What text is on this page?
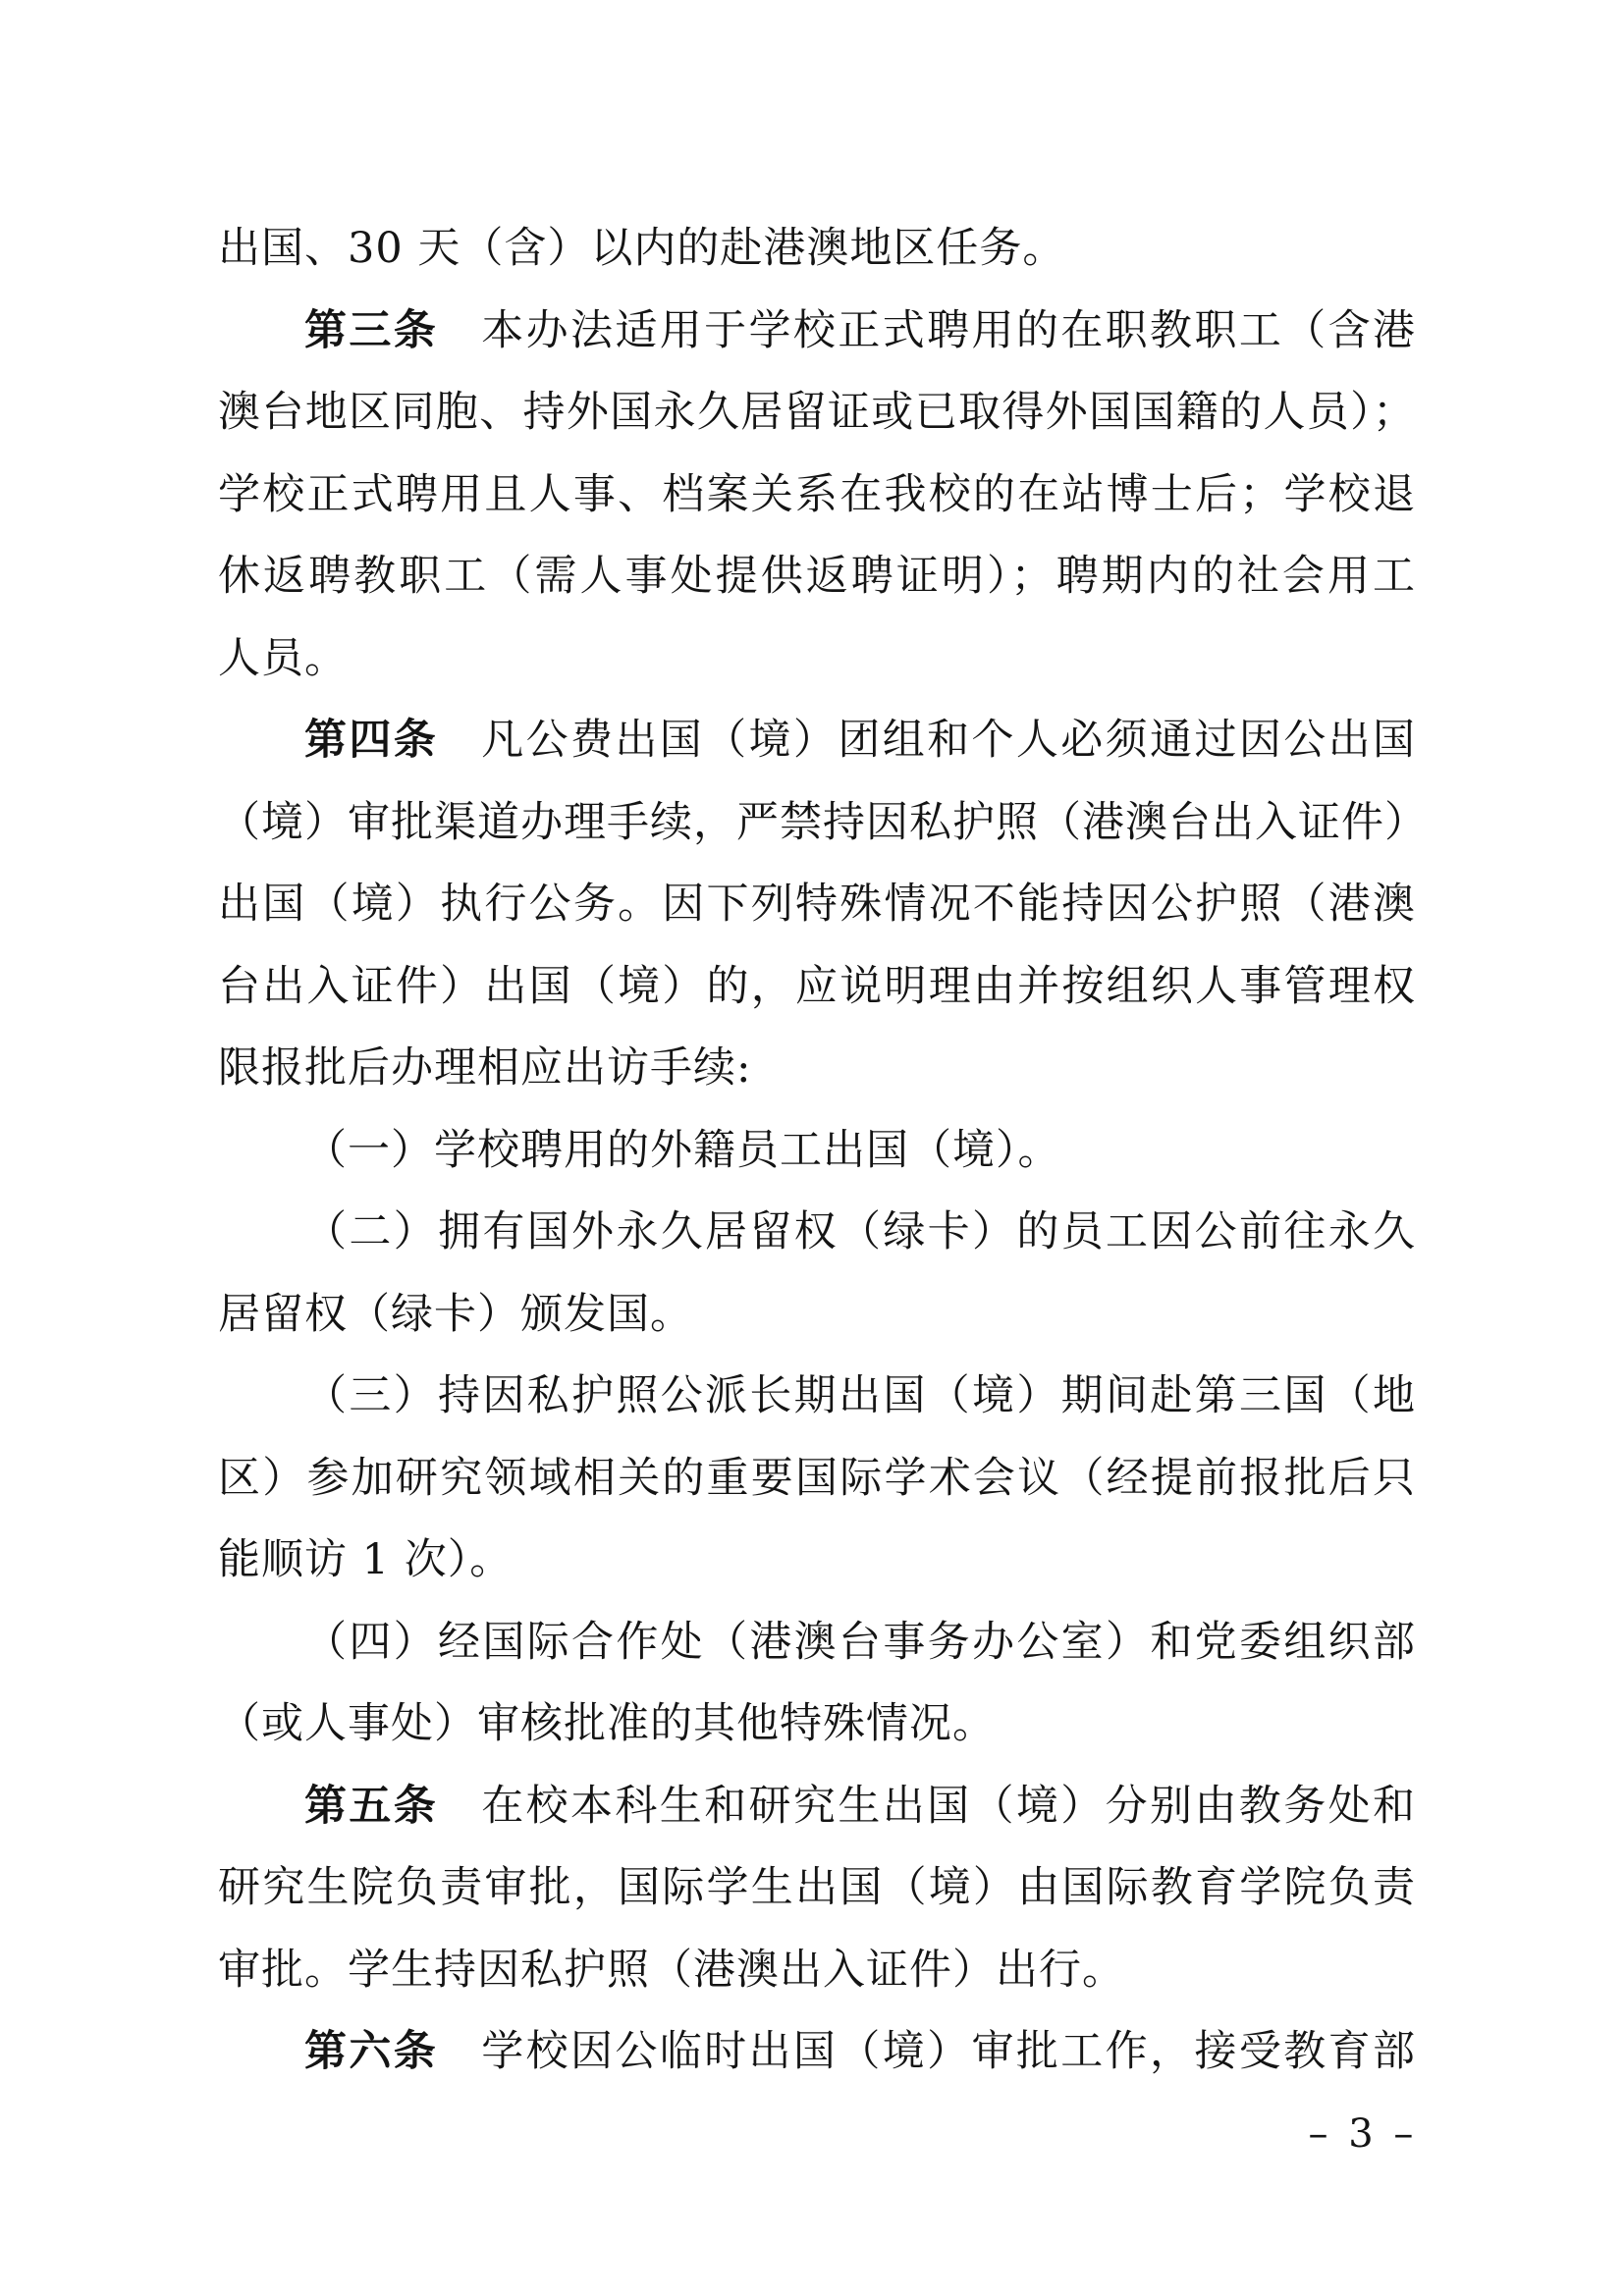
出国、30 天（含）以内的赴港澳地区任务。
第三条 本办法适用于学校正式聘用的在职教职工（含港
澳台地区同胞、持外国永久居留证或已取得外国国籍的人员）；
学校正式聘用且人事、档案关系在我校的在站博士后；学校退
休返聘教职工（需人事处提供返聘证明）；聘期内的社会用工
人员。
第四条 凡公费出国（境）团组和个人必须通过因公出国
（境）审批渠道办理手续，严禁持因私护照（港澳台出入证件）
出国（境）执行公务。因下列特殊情况不能持因公护照（港澳
台出入证件）出国（境）的，应说明理由并按组织人事管理权
限报批后办理相应出访手续:
（一）学校聘用的外籍员工出国（境）。
（二）拥有国外永久居留权（绿卡）的员工因公前往永久
居留权（绿卡）颁发国。
（三）持因私护照公派长期出国（境）期间赴第三国（地
区）参加研究领域相关的重要国际学术会议（经提前报批后只
能顺访 1 次）。
（四）经国际合作处（港澳台事务办公室）和党委组织部
（或人事处）审核批准的其他特殊情况。
第五条 在校本科生和研究生出国（境）分别由教务处和
研究生院负责审批，国际学生出国（境）由国际教育学院负责
审批。学生持因私护照（港澳出入证件）出行。
第六条 学校因公临时出国（境）审批工作，接受教育部
– 3 –
